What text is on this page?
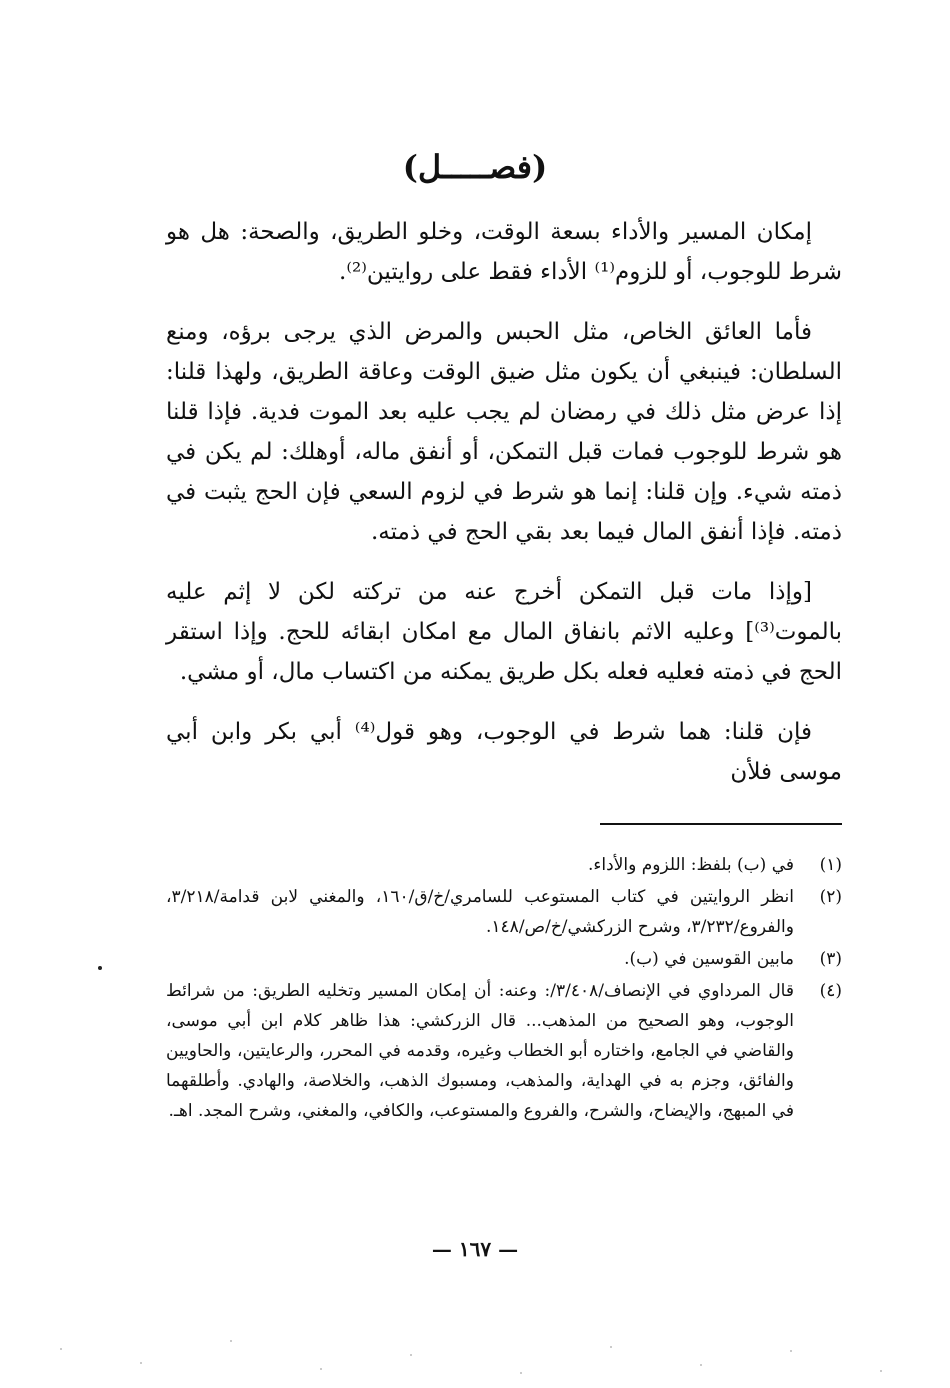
(فصـــــل)

إمكان المسير والأداء بسعة الوقت، وخلو الطريق، والصحة: هل هو شرط للوجوب، أو للزوم⁽¹⁾ الأداء فقط على روايتين⁽²⁾.

فأما العائق الخاص، مثل الحبس والمرض الذي يرجى برؤه، ومنع السلطان: فينبغي أن يكون مثل ضيق الوقت وعاقة الطريق، ولهذا قلنا: إذا عرض مثل ذلك في رمضان لم يجب عليه بعد الموت فدية. فإذا قلنا هو شرط للوجوب فمات قبل التمكن، أو أنفق ماله، أوهلك: لم يكن في ذمته شيء. وإن قلنا: إنما هو شرط في لزوم السعي فإن الحج يثبت في ذمته. فإذا أنفق المال فيما بعد بقي الحج في ذمته.

[وإذا مات قبل التمكن أخرج عنه من تركته لكن لا إثم عليه بالموت⁽³⁾] وعليه الاثم بانفاق المال مع امكان ابقائه للحج. وإذا استقر الحج في ذمته فعليه فعله بكل طريق يمكنه من اكتساب مال، أو مشي.

فإن قلنا: هما شرط في الوجوب، وهو قول⁽⁴⁾ أبي بكر وابن أبي موسى فلأن

(١)
في (ب) بلفظ: اللزوم والأداء.
(٢)
انظر الروايتين في كتاب المستوعب للسامري/خ/ق/١٦٠، والمغني لابن قدامة/٣/٢١٨، والفروع/٣/٢٣٢، وشرح الزركشي/خ/ص/١٤٨.
(٣)
مابين القوسين في (ب).
(٤)
قال المرداوي في الإنصاف/٣/٤٠٨/: وعنه: أن إمكان المسير وتخليه الطريق: من شرائط الوجوب، وهو الصحيح من المذهب... قال الزركشي: هذا ظاهر كلام ابن أبي موسى، والقاضي في الجامع، واختاره أبو الخطاب وغيره، وقدمه في المحرر، والرعايتين، والحاويين والفائق، وجزم به في الهداية، والمذهب، ومسبوك الذهب، والخلاصة، والهادي. وأطلقهما في المبهج، والإيضاح، والشرح، والفروع والمستوعب، والكافي، والمغني، وشرح المجد. اهـ.
— ١٦٧ —
